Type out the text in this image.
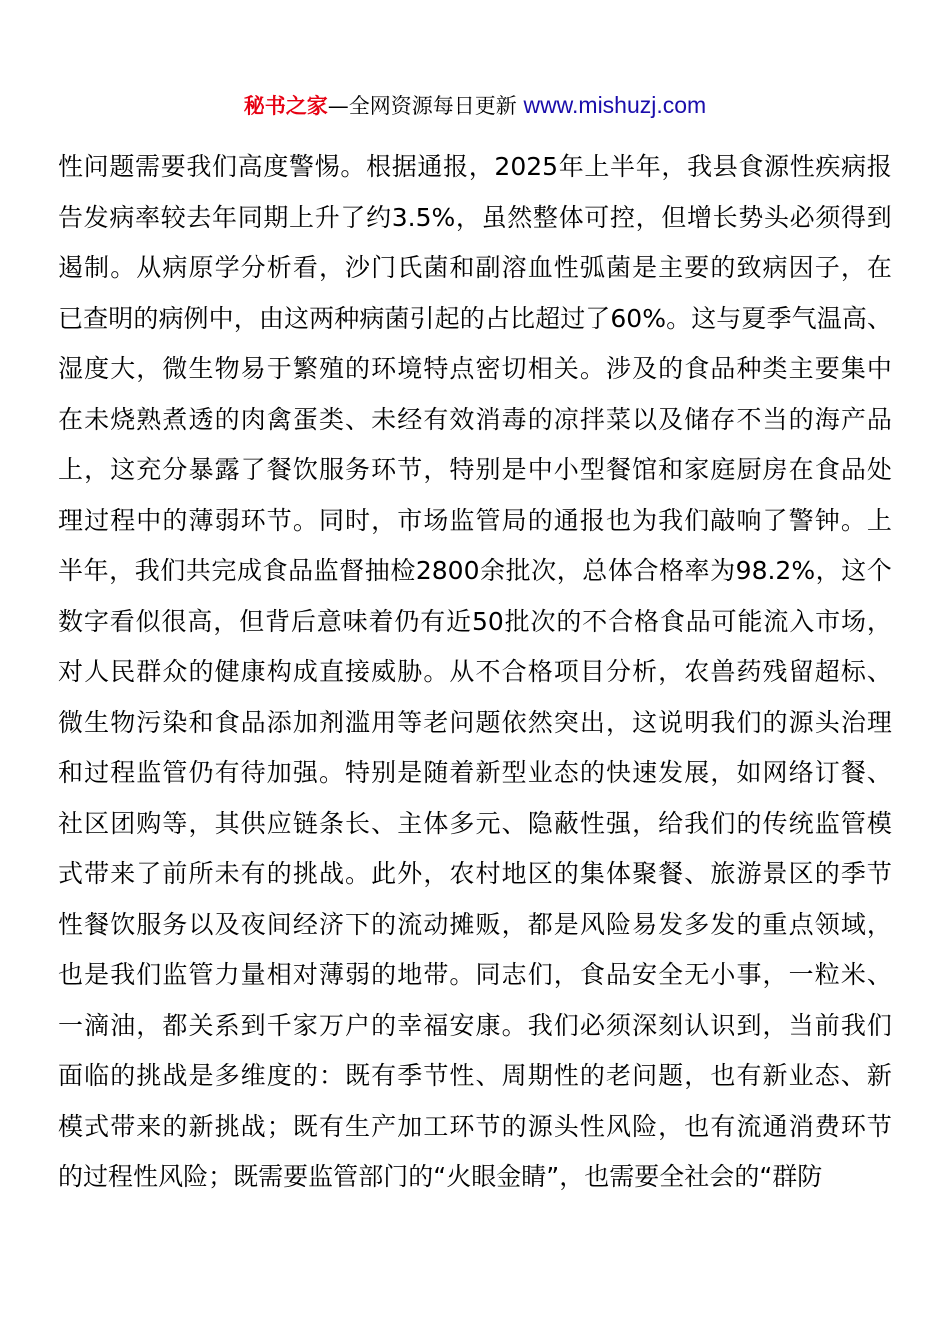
秘书之家—全网资源每日更新 www.mishuzj.com
性 问 题 需 要 我 们 高 度 警 惕 。 根 据 通 报 ， 2025 年 上 半 年 ， 我 县 食 源 性 疾 病 报
告 发 病 率 较 去 年 同 期 上 升 了 约 3.5% ， 虽 然 整 体 可 控 ， 但 增 长 势 头 必 须 得 到
遏 制 。 从 病 原 学 分 析 看 ， 沙 门 氏 菌 和 副 溶 血 性 弧 菌 是 主 要 的 致 病 因 子 ， 在
已 查 明 的 病 例 中 ， 由 这 两 种 病 菌 引 起 的 占 比 超 过 了 60% 。 这 与 夏 季 气 温 高 、
湿 度 大 ， 微 生 物 易 于 繁 殖 的 环 境 特 点 密 切 相 关 。 涉 及 的 食 品 种 类 主 要 集 中
在 未 烧 熟 煮 透 的 肉 禽 蛋 类 、 未 经 有 效 消 毒 的 凉 拌 菜 以 及 储 存 不 当 的 海 产 品
上 ， 这 充 分 暴 露 了 餐 饮 服 务 环 节 ， 特 别 是 中 小 型 餐 馆 和 家 庭 厨 房 在 食 品 处
理 过 程 中 的 薄 弱 环 节 。 同 时 ， 市 场 监 管 局 的 通 报 也 为 我 们 敲 响 了 警 钟 。 上
半 年 ， 我 们 共 完 成 食 品 监 督 抽 检 2800 余 批 次 ， 总 体 合 格 率 为 98.2% ， 这 个
数 字 看 似 很 高 ， 但 背 后 意 味 着 仍 有 近 50 批 次 的 不 合 格 食 品 可 能 流 入 市 场 ，
对 人 民 群 众 的 健 康 构 成 直 接 威 胁 。 从 不 合 格 项 目 分 析 ， 农 兽 药 残 留 超 标 、
微 生 物 污 染 和 食 品 添 加 剂 滥 用 等 老 问 题 依 然 突 出 ， 这 说 明 我 们 的 源 头 治 理
和 过 程 监 管 仍 有 待 加 强 。 特 别 是 随 着 新 型 业 态 的 快 速 发 展 ， 如 网 络 订 餐 、
社 区 团 购 等 ， 其 供 应 链 条 长 、 主 体 多 元 、 隐 蔽 性 强 ， 给 我 们 的 传 统 监 管 模
式 带 来 了 前 所 未 有 的 挑 战 。 此 外 ， 农 村 地 区 的 集 体 聚 餐 、 旅 游 景 区 的 季 节
性 餐 饮 服 务 以 及 夜 间 经 济 下 的 流 动 摊 贩 ， 都 是 风 险 易 发 多 发 的 重 点 领 域 ，
也 是 我 们 监 管 力 量 相 对 薄 弱 的 地 带 。 同 志 们 ， 食 品 安 全 无 小 事 ， 一 粒 米 、
一 滴 油 ， 都 关 系 到 千 家 万 户 的 幸 福 安 康 。 我 们 必 须 深 刻 认 识 到 ， 当 前 我 们
面 临 的 挑 战 是 多 维 度 的 ： 既 有 季 节 性 、 周 期 性 的 老 问 题 ， 也 有 新 业 态 、 新
模 式 带 来 的 新 挑 战 ； 既 有 生 产 加 工 环 节 的 源 头 性 风 险 ， 也 有 流 通 消 费 环 节
的 过 程 性 风 险 ； 既 需 要 监 管 部 门 的 “ 火 眼 金 睛 ” ， 也 需 要 全 社 会 的 “ 群 防
